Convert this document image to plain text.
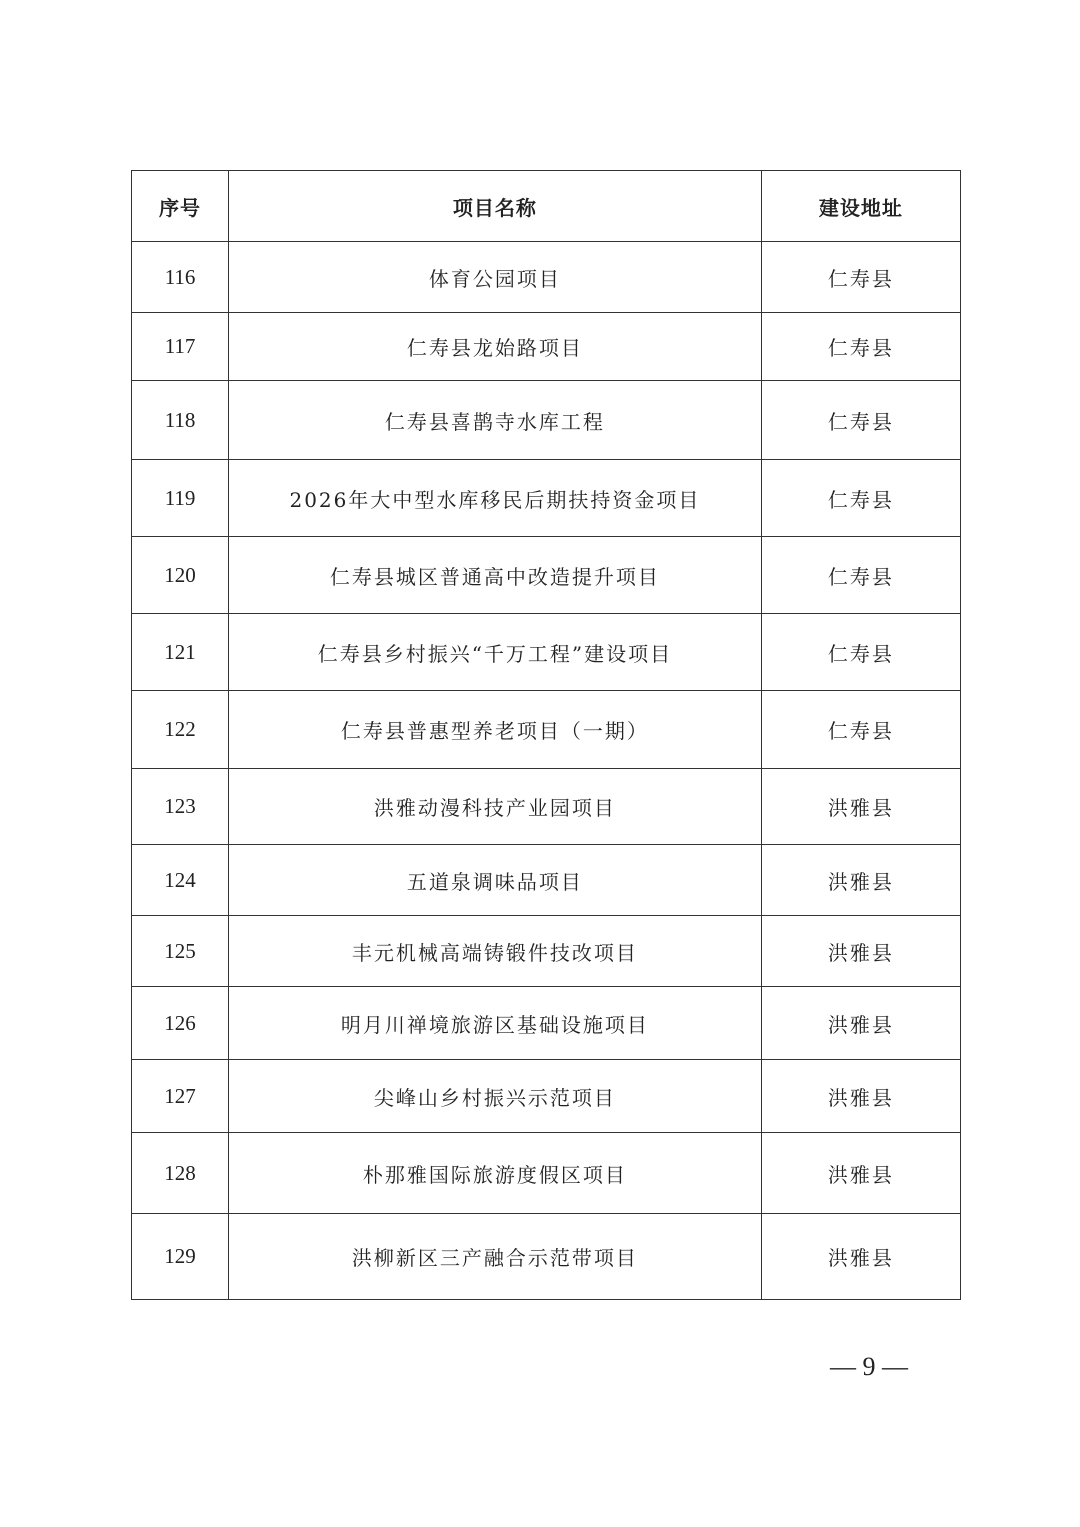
序号	项目名称	建设地址
116	体育公园项目	仁寿县
117	仁寿县龙始路项目	仁寿县
118	仁寿县喜鹊寺水库工程	仁寿县
119	2026年大中型水库移民后期扶持资金项目	仁寿县
120	仁寿县城区普通高中改造提升项目	仁寿县
121	仁寿县乡村振兴“千万工程”建设项目	仁寿县
122	仁寿县普惠型养老项目（一期）	仁寿县
123	洪雅动漫科技产业园项目	洪雅县
124	五道泉调味品项目	洪雅县
125	丰元机械高端铸锻件技改项目	洪雅县
126	明月川禅境旅游区基础设施项目	洪雅县
127	尖峰山乡村振兴示范项目	洪雅县
128	朴那雅国际旅游度假区项目	洪雅县
129	洪柳新区三产融合示范带项目	洪雅县
— 9 —
